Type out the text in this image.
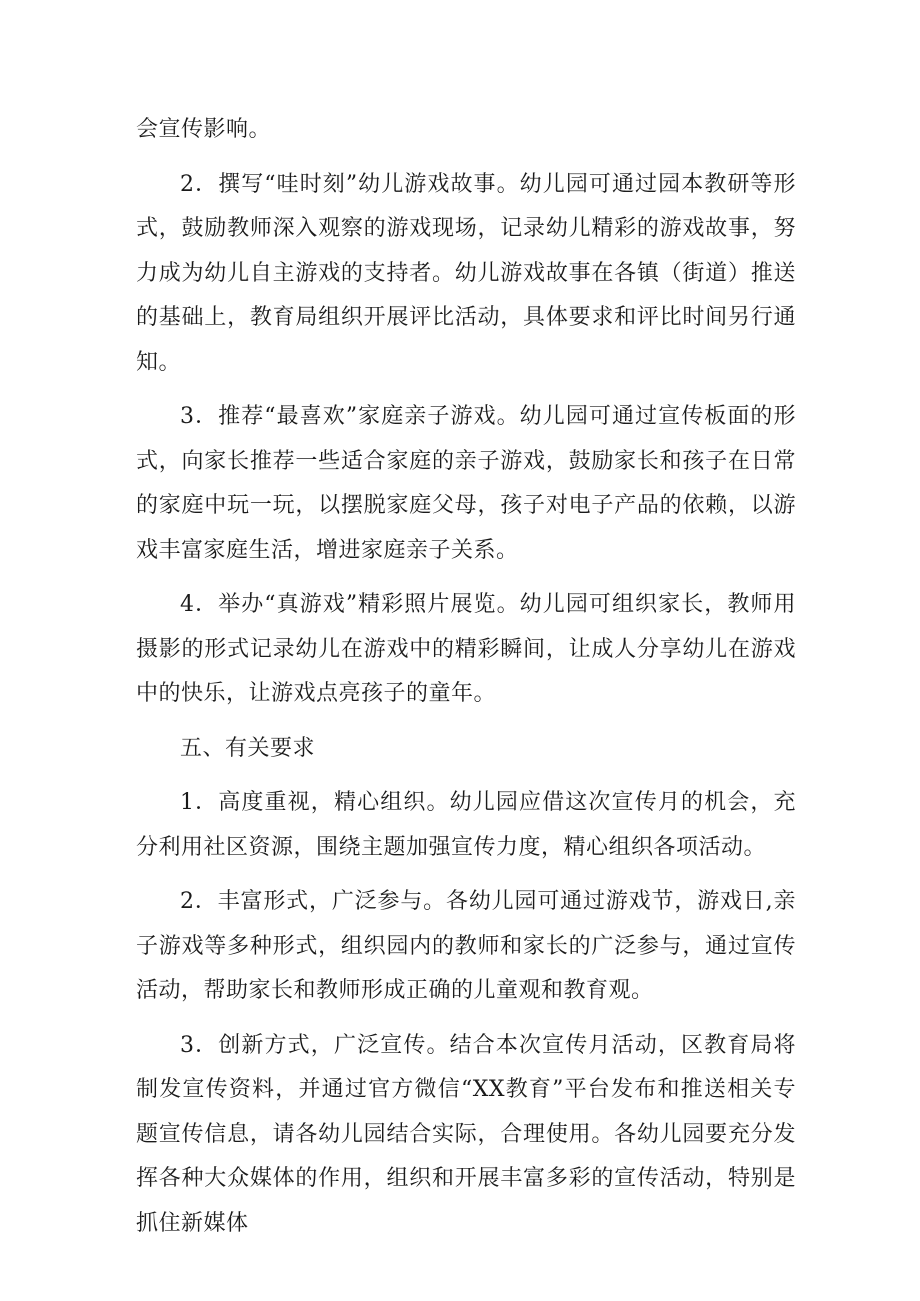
会宣传影响。

2．撰写“哇时刻”幼儿游戏故事。幼儿园可通过园本教研等形式，鼓励教师深入观察的游戏现场，记录幼儿精彩的游戏故事，努力成为幼儿自主游戏的支持者。幼儿游戏故事在各镇（街道）推送的基础上，教育局组织开展评比活动，具体要求和评比时间另行通知。

3．推荐“最喜欢”家庭亲子游戏。幼儿园可通过宣传板面的形式，向家长推荐一些适合家庭的亲子游戏，鼓励家长和孩子在日常的家庭中玩一玩，以摆脱家庭父母，孩子对电子产品的依赖，以游戏丰富家庭生活，增进家庭亲子关系。

4．举办“真游戏”精彩照片展览。幼儿园可组织家长，教师用摄影的形式记录幼儿在游戏中的精彩瞬间，让成人分享幼儿在游戏中的快乐，让游戏点亮孩子的童年。

五、有关要求

1．高度重视，精心组织。幼儿园应借这次宣传月的机会，充分利用社区资源，围绕主题加强宣传力度，精心组织各项活动。

2．丰富形式，广泛参与。各幼儿园可通过游戏节，游戏日,亲子游戏等多种形式，组织园内的教师和家长的广泛参与，通过宣传活动，帮助家长和教师形成正确的儿童观和教育观。

3．创新方式，广泛宣传。结合本次宣传月活动，区教育局将制发宣传资料，并通过官方微信“XX教育”平台发布和推送相关专题宣传信息，请各幼儿园结合实际，合理使用。各幼儿园要充分发挥各种大众媒体的作用，组织和开展丰富多彩的宣传活动，特别是抓住新媒体
